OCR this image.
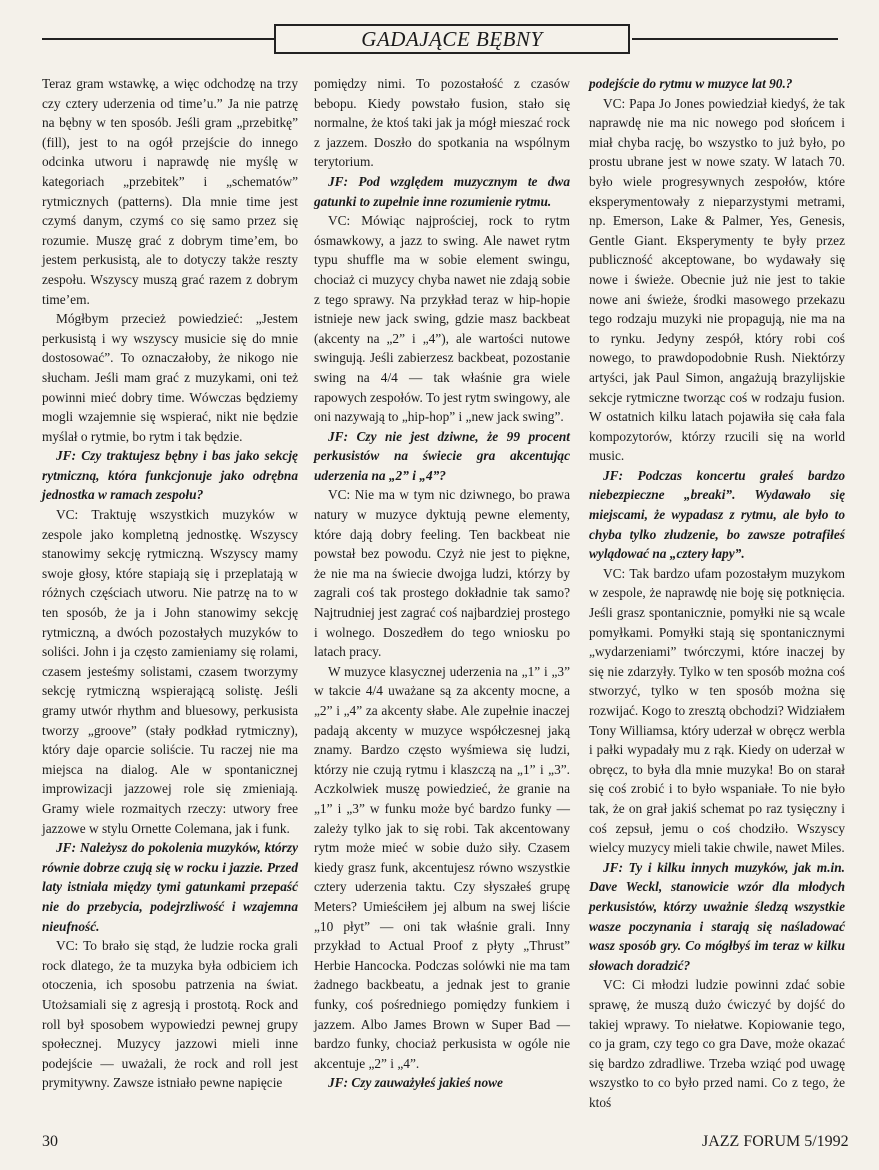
GADAJĄCE BĘBNY

Teraz gram wstawkę, a więc odchodzę na trzy czy cztery uderzenia od time’u.” Ja nie patrzę na bębny w ten sposób. Jeśli gram „przebitkę” (fill), jest to na ogół przejście do innego odcinka utworu i naprawdę nie myślę w kategoriach „przebitek” i „schematów” rytmicznych (patterns). Dla mnie time jest czymś danym, czymś co się samo przez się rozumie. Muszę grać z dobrym time’em, bo jestem perkusistą, ale to dotyczy także reszty zespołu. Wszyscy muszą grać razem z dobrym time’em.

Mógłbym przecież powiedzieć: „Jestem perkusistą i wy wszyscy musicie się do mnie dostosować”. To oznaczałoby, że nikogo nie słucham. Jeśli mam grać z muzykami, oni też powinni mieć dobry time. Wówczas będziemy mogli wzajemnie się wspierać, nikt nie będzie myślał o rytmie, bo rytm i tak będzie.

JF: Czy traktujesz bębny i bas jako sekcję rytmiczną, która funkcjonuje jako odrębna jednostka w ramach zespołu?

VC: Traktuję wszystkich muzyków w zespole jako kompletną jednostkę. Wszyscy stanowimy sekcję rytmiczną. Wszyscy mamy swoje głosy, które stapiają się i przeplatają w różnych częściach utworu. Nie patrzę na to w ten sposób, że ja i John stanowimy sekcję rytmiczną, a dwóch pozostałych muzyków to soliści. John i ja często zamieniamy się rolami, czasem jesteśmy solistami, czasem tworzymy sekcję rytmiczną wspierającą solistę. Jeśli gramy utwór rhythm and bluesowy, perkusista tworzy „groove” (stały podkład rytmiczny), który daje oparcie soliście. Tu raczej nie ma miejsca na dialog. Ale w spontanicznej improwizacji jazzowej role się zmieniają. Gramy wiele rozmaitych rzeczy: utwory free jazzowe w stylu Ornette Colemana, jak i funk.

JF: Należysz do pokolenia muzyków, którzy równie dobrze czują się w rocku i jazzie. Przed laty istniała między tymi gatunkami przepaść nie do przebycia, podejrzliwość i wzajemna nieufność.

VC: To brało się stąd, że ludzie rocka grali rock dlatego, że ta muzyka była odbiciem ich otoczenia, ich sposobu patrzenia na świat. Utożsamiali się z agresją i prostotą. Rock and roll był sposobem wypowiedzi pewnej grupy społecznej. Muzycy jazzowi mieli inne podejście — uważali, że rock and roll jest prymitywny. Zawsze istniało pewne napięcie

pomiędzy nimi. To pozostałość z czasów bebopu. Kiedy powstało fusion, stało się normalne, że ktoś taki jak ja mógł mieszać rock z jazzem. Doszło do spotkania na wspólnym terytorium.

JF: Pod względem muzycznym te dwa gatunki to zupełnie inne rozumienie rytmu.

VC: Mówiąc najprościej, rock to rytm ósmawkowy, a jazz to swing. Ale nawet rytm typu shuffle ma w sobie element swingu, chociaż ci muzycy chyba nawet nie zdają sobie z tego sprawy. Na przykład teraz w hip-hopie istnieje new jack swing, gdzie masz backbeat (akcenty na „2” i „4”), ale wartości nutowe swingują. Jeśli zabierzesz backbeat, pozostanie swing na 4/4 — tak właśnie gra wiele rapowych zespołów. To jest rytm swingowy, ale oni nazywają to „hip-hop” i „new jack swing”.

JF: Czy nie jest dziwne, że 99 procent perkusistów na świecie gra akcentując uderzenia na „2” i „4”?

VC: Nie ma w tym nic dziwnego, bo prawa natury w muzyce dyktują pewne elementy, które dają dobry feeling. Ten backbeat nie powstał bez powodu. Czyż nie jest to piękne, że nie ma na świecie dwojga ludzi, którzy by zagrali coś tak prostego dokładnie tak samo? Najtrudniej jest zagrać coś najbardziej prostego i wolnego. Doszedłem do tego wniosku po latach pracy.

W muzyce klasycznej uderzenia na „1” i „3” w takcie 4/4 uważane są za akcenty mocne, a „2” i „4” za akcenty słabe. Ale zupełnie inaczej padają akcenty w muzyce współczesnej jaką znamy. Bardzo często wyśmiewa się ludzi, którzy nie czują rytmu i klaszczą na „1” i „3”. Aczkolwiek muszę powiedzieć, że granie na „1” i „3” w funku może być bardzo funky — zależy tylko jak to się robi. Tak akcentowany rytm może mieć w sobie dużo siły. Czasem kiedy grasz funk, akcentujesz równo wszystkie cztery uderzenia taktu. Czy słyszałeś grupę Meters? Umieściłem jej album na swej liście „10 płyt” — oni tak właśnie grali. Inny przykład to Actual Proof z płyty „Thrust” Herbie Hancocka. Podczas solówki nie ma tam żadnego backbeatu, a jednak jest to granie funky, coś pośredniego pomiędzy funkiem i jazzem. Albo James Brown w Super Bad — bardzo funky, chociaż perkusista w ogóle nie akcentuje „2” i „4”.

JF: Czy zauważyłeś jakieś nowe

podejście do rytmu w muzyce lat 90.?

VC: Papa Jo Jones powiedział kiedyś, że tak naprawdę nie ma nic nowego pod słońcem i miał chyba rację, bo wszystko to już było, po prostu ubrane jest w nowe szaty. W latach 70. było wiele progresywnych zespołów, które eksperymentowały z nieparzystymi metrami, np. Emerson, Lake & Palmer, Yes, Genesis, Gentle Giant. Eksperymenty te były przez publiczność akceptowane, bo wydawały się nowe i świeże. Obecnie już nie jest to takie nowe ani świeże, środki masowego przekazu tego rodzaju muzyki nie propagują, nie ma na to rynku. Jedyny zespół, który robi coś nowego, to prawdopodobnie Rush. Niektórzy artyści, jak Paul Simon, angażują brazylijskie sekcje rytmiczne tworząc coś w rodzaju fusion. W ostatnich kilku latach pojawiła się cała fala kompozytorów, którzy rzucili się na world music.

JF: Podczas koncertu grałeś bardzo niebezpieczne „breaki”. Wydawało się miejscami, że wypadasz z rytmu, ale było to chyba tylko złudzenie, bo zawsze potrafiłeś wylądować na „cztery łapy”.

VC: Tak bardzo ufam pozostałym muzykom w zespole, że naprawdę nie boję się potknięcia. Jeśli grasz spontanicznie, pomyłki nie są wcale pomyłkami. Pomyłki stają się spontanicznymi „wydarzeniami” twórczymi, które inaczej by się nie zdarzyły. Tylko w ten sposób można coś stworzyć, tylko w ten sposób można się rozwijać. Kogo to zresztą obchodzi? Widziałem Tony Williamsa, który uderzał w obręcz werbla i pałki wypadały mu z rąk. Kiedy on uderzał w obręcz, to była dla mnie muzyka! Bo on starał się coś zrobić i to było wspaniałe. To nie było tak, że on grał jakiś schemat po raz tysięczny i coś zepsuł, jemu o coś chodziło. Wszyscy wielcy muzycy mieli takie chwile, nawet Miles.

JF: Ty i kilku innych muzyków, jak m.in. Dave Weckl, stanowicie wzór dla młodych perkusistów, którzy uważnie śledzą wszystkie wasze poczynania i starają się naśladować wasz sposób gry. Co mógłbyś im teraz w kilku słowach doradzić?

VC: Ci młodzi ludzie powinni zdać sobie sprawę, że muszą dużo ćwiczyć by dojść do takiej wprawy. To niełatwe. Kopiowanie tego, co ja gram, czy tego co gra Dave, może okazać się bardzo zdradliwe. Trzeba wziąć pod uwagę wszystko to co było przed nami. Co z tego, że ktoś

30	JAZZ FORUM 5/1992
